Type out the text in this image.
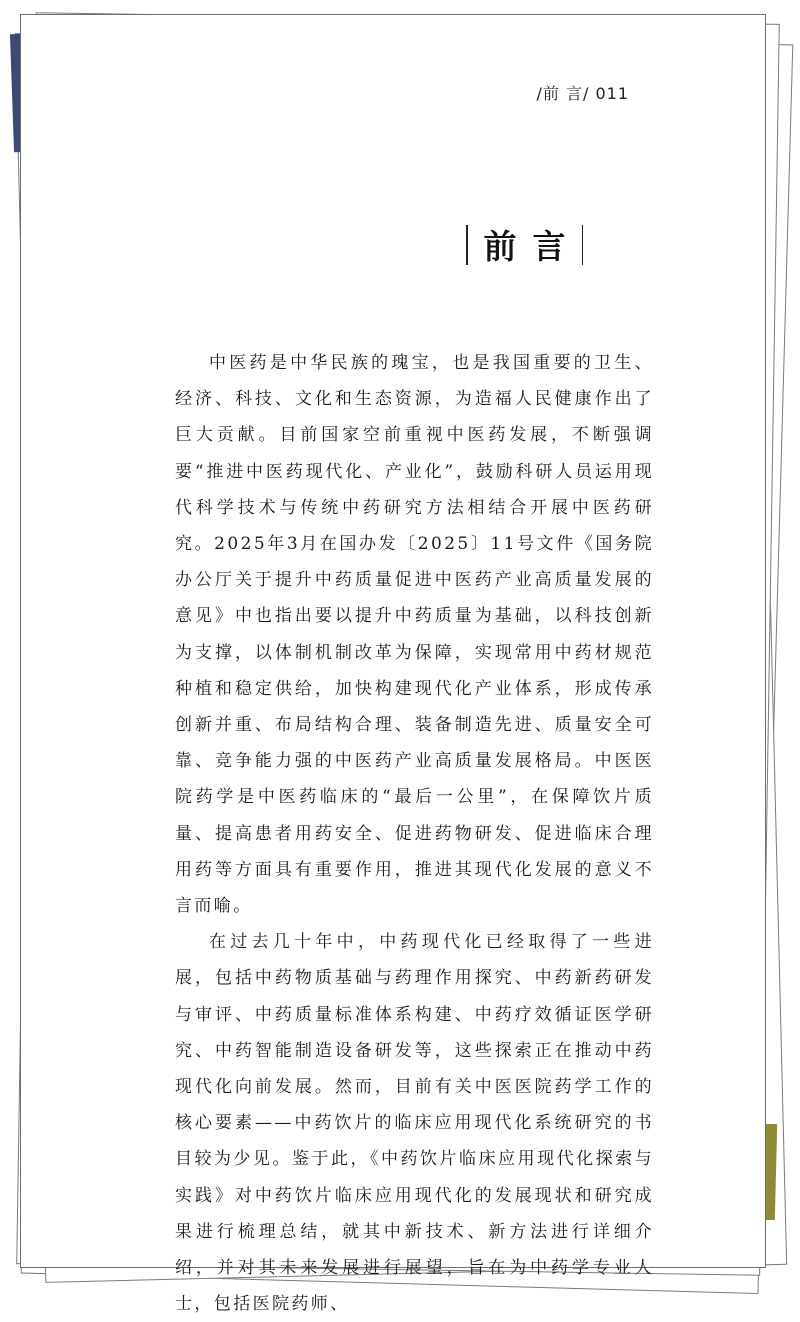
/前 言/ 011
前言

中医药是中华民族的瑰宝，也是我国重要的卫生、经济、科技、文化和生态资源，为造福人民健康作出了巨大贡献。目前国家空前重视中医药发展，不断强调要“推进中医药现代化、产业化”，鼓励科研人员运用现代科学技术与传统中药研究方法相结合开展中医药研究。2025年3月在国办发〔2025〕11号文件《国务院办公厅关于提升中药质量促进中医药产业高质量发展的意见》中也指出要以提升中药质量为基础，以科技创新为支撑，以体制机制改革为保障，实现常用中药材规范种植和稳定供给，加快构建现代化产业体系，形成传承创新并重、布局结构合理、装备制造先进、质量安全可靠、竞争能力强的中医药产业高质量发展格局。中医医院药学是中医药临床的“最后一公里”，在保障饮片质量、提高患者用药安全、促进药物研发、促进临床合理用药等方面具有重要作用，推进其现代化发展的意义不言而喻。

在过去几十年中，中药现代化已经取得了一些进展，包括中药物质基础与药理作用探究、中药新药研发与审评、中药质量标准体系构建、中药疗效循证医学研究、中药智能制造设备研发等，这些探索正在推动中药现代化向前发展。然而，目前有关中医医院药学工作的核心要素——中药饮片的临床应用现代化系统研究的书目较为少见。鉴于此，《中药饮片临床应用现代化探索与实践》对中药饮片临床应用现代化的发展现状和研究成果进行梳理总结，就其中新技术、新方法进行详细介绍，并对其未来发展进行展望，旨在为中药学专业人士，包括医院药师、
